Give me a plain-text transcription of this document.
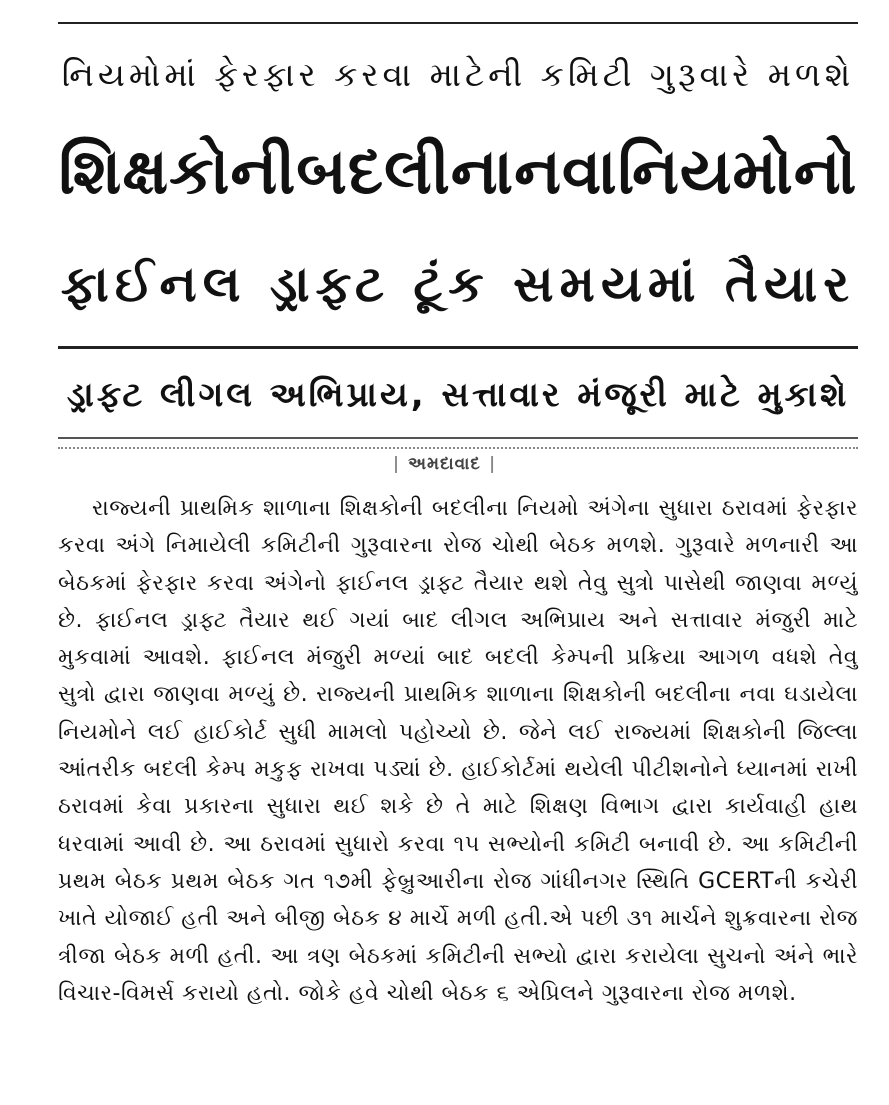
નિયમોમાં ફેરફાર કરવા માટેની કમિટી ગુરૂવારે મળશે
શિક્ષકોનીબદલીનાનવાનિયમોનો
ફાઈનલ ડ્રાફ્ટ ટૂંક સમયમાં તૈયાર
ડ્રાફ્ટ લીગલ અભિપ્રાય, સત્તાવાર મંજૂરી માટે મુકાશે
| અમદાવાદ |

રાજ્યની પ્રાથમિક શાળાના શિક્ષકોની બદલીના નિયમો અંગેના સુધારા ઠરાવમાં ફેરફાર કરવા અંગે નિમાયેલી કમિટીની ગુરૂવારના રોજ ચોથી બેઠક મળશે. ગુરૂવારે મળનારી આ બેઠકમાં ફેરફાર કરવા અંગેનો ફાઈનલ ડ્રાફ્ટ તૈયાર થશે તેવુ સુત્રો પાસેથી જાણવા મળ્યું છે. ફાઈનલ ડ્રાફ્ટ તૈયાર થઈ ગયાં બાદ લીગલ અભિપ્રાય અને સત્તાવાર મંજુરી માટે મુકવામાં આવશે. ફાઈનલ મંજુરી મળ્યાં બાદ બદલી કેમ્પની પ્રક્રિયા આગળ વધશે તેવુ સુત્રો દ્વારા જાણવા મળ્યું છે. રાજ્યની પ્રાથમિક શાળાના શિક્ષકોની બદલીના નવા ઘડાયેલા નિયમોને લઈ હાઈકોર્ટ સુધી મામલો પહોચ્યો છે. જેને લઈ રાજ્યમાં શિક્ષકોની જિલ્લા આંતરીક બદલી કેમ્પ મકુફ રાખવા પડ્યાં છે. હાઈકોર્ટમાં થયેલી પીટીશનોને ધ્યાનમાં રાખી ઠરાવમાં કેવા પ્રકારના સુધારા થઈ શકે છે તે માટે શિક્ષણ વિભાગ દ્વારા કાર્યવાહી હાથ ધરવામાં આવી છે. આ ઠરાવમાં સુધારો કરવા ૧૫ સભ્યોની કમિટી બનાવી છે. આ કમિટીની પ્રથમ બેઠક પ્રથમ બેઠક ગત ૧૭મી ફેબ્રુઆરીના રોજ ગાંધીનગર સ્થિતિ GCERTની કચેરી ખાતે યોજાઈ હતી અને બીજી બેઠક ૪ માર્ચે મળી હતી.એ પછી ૩૧ માર્ચને શુક્રવારના રોજ ત્રીજા બેઠક મળી હતી. આ ત્રણ બેઠકમાં કમિટીની સભ્યો દ્વારા કરાયેલા સુચનો અંને ભારે વિચાર-વિમર્સ કરાયો હતો. જોકે હવે ચોથી બેઠક ૬ એપ્રિલને ગુરૂવારના રોજ મળશે.
